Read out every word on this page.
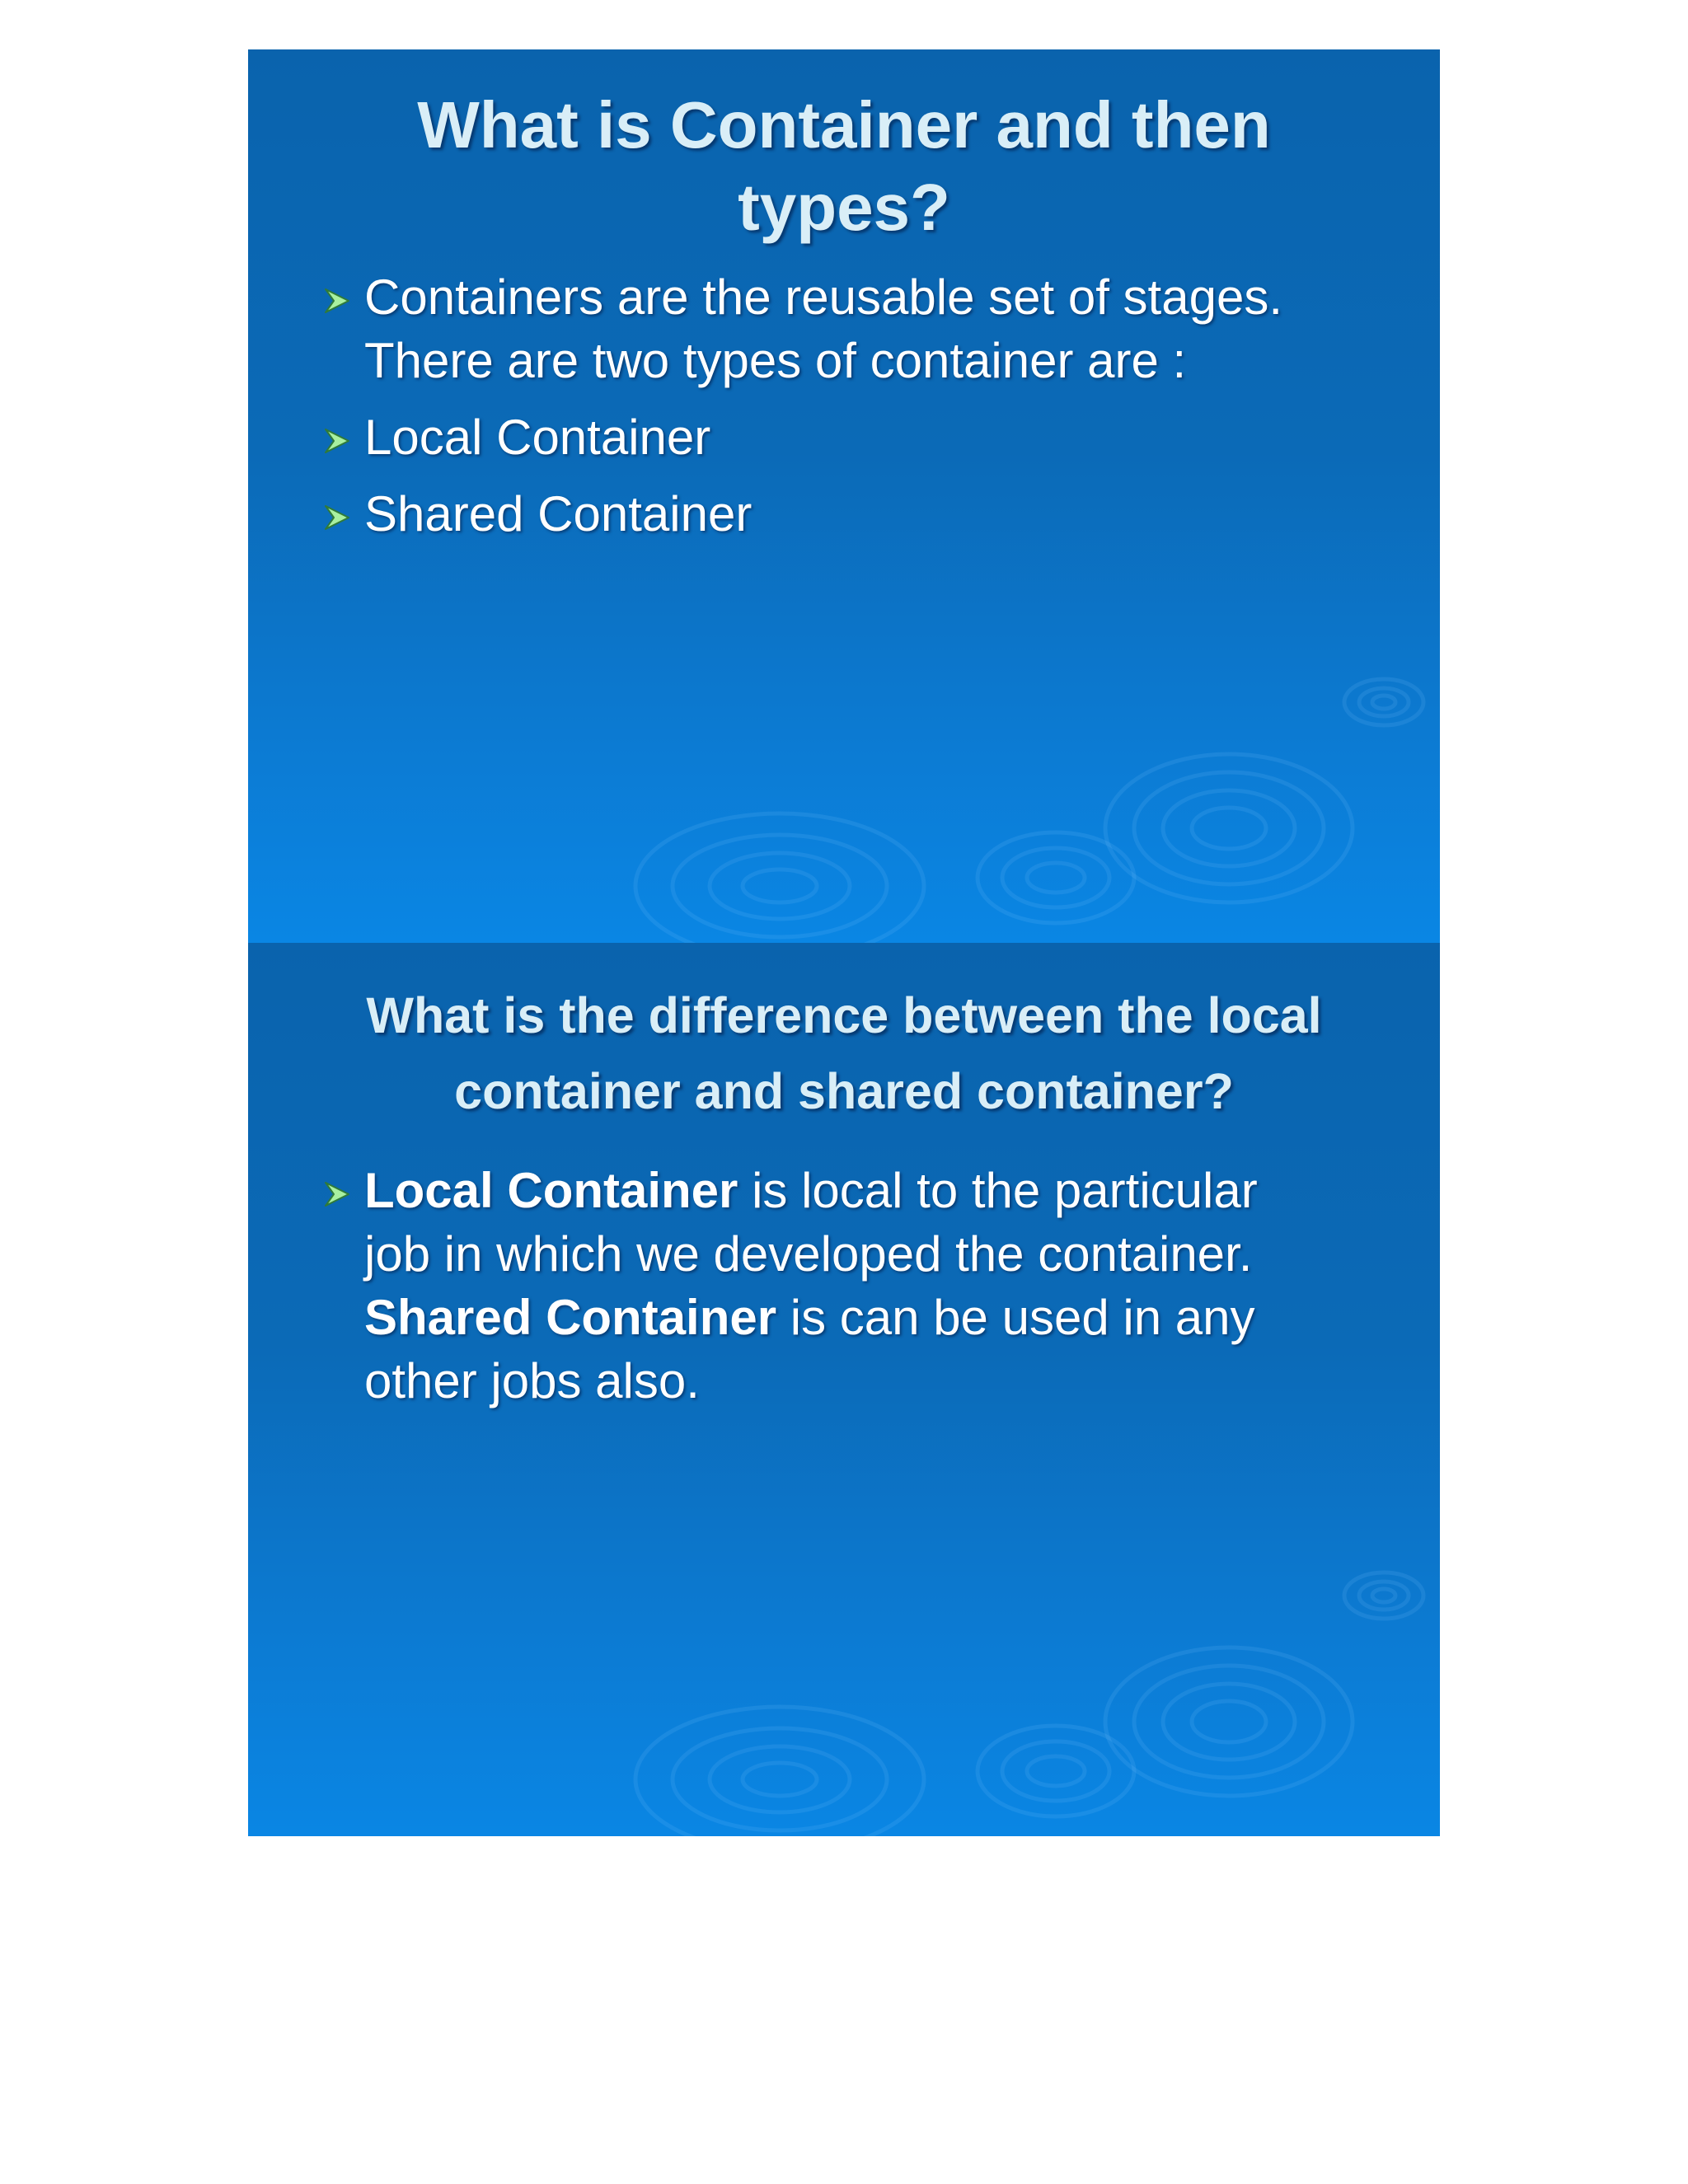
What is Container and then
types?
Containers are the reusable set of stages.
There are two types of container are :
Local Container
Shared Container
What is the difference between the local
container and shared container?
Local Container is local to the particular
job in which we developed the container.
Shared Container is can be used in any
other jobs also.
